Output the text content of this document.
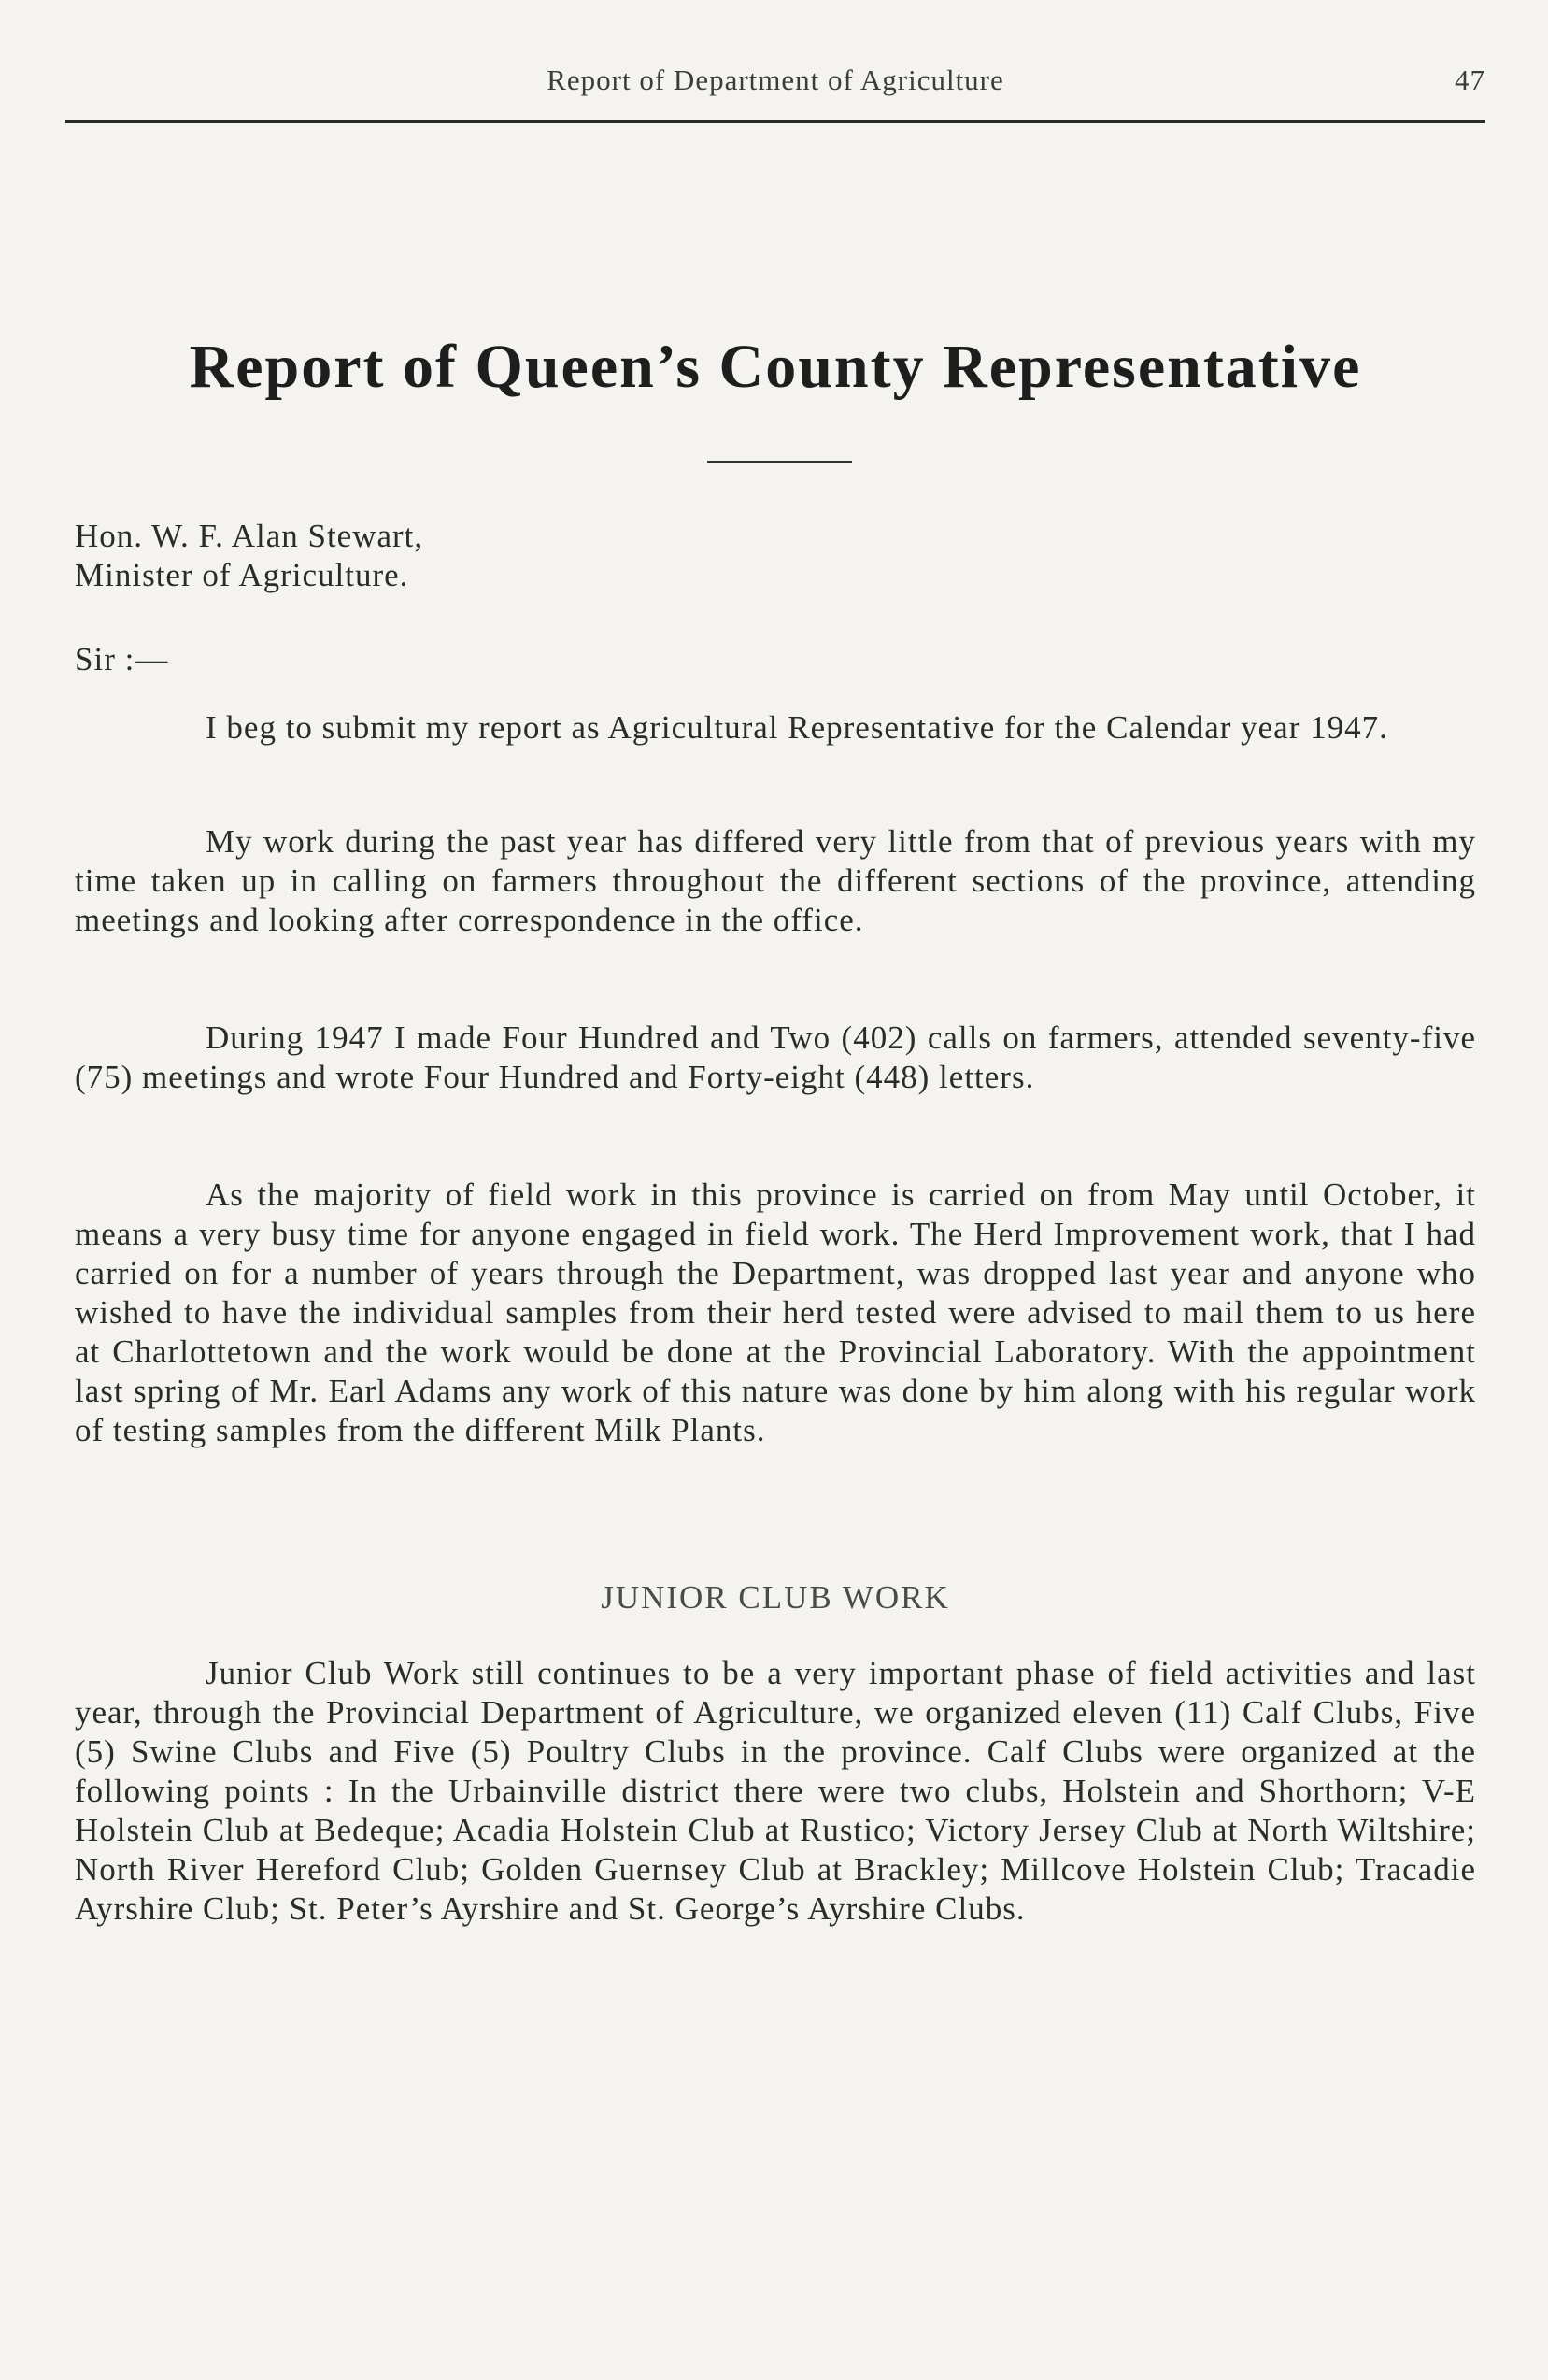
Report of Department of Agriculture	47
Report of Queen’s County Representative
Hon. W. F. Alan Stewart,
Minister of Agriculture.
Sir :—

I beg to submit my report as Agricultural Representative for the Calendar year 1947.

My work during the past year has differed very little from that of previous years with my time taken up in calling on farmers throughout the different sections of the province, attending meetings and looking after correspondence in the office.

During 1947 I made Four Hundred and Two (402) calls on farmers, attended seventy-five (75) meetings and wrote Four Hundred and Forty-eight (448) letters.

As the majority of field work in this province is carried on from May until October, it means a very busy time for anyone engaged in field work. The Herd Improvement work, that I had carried on for a number of years through the Department, was dropped last year and anyone who wished to have the individual samples from their herd tested were advised to mail them to us here at Charlottetown and the work would be done at the Provincial Laboratory. With the appointment last spring of Mr. Earl Adams any work of this nature was done by him along with his regular work of testing samples from the different Milk Plants.

JUNIOR CLUB WORK

Junior Club Work still continues to be a very important phase of field activities and last year, through the Provincial Department of Agriculture, we organized eleven (11) Calf Clubs, Five (5) Swine Clubs and Five (5) Poultry Clubs in the province. Calf Clubs were organized at the following points : In the Urbainville district there were two clubs, Holstein and Shorthorn; V-E Holstein Club at Bedeque; Acadia Holstein Club at Rustico; Victory Jersey Club at North Wiltshire; North River Hereford Club; Golden Guernsey Club at Brackley; Millcove Holstein Club; Tracadie Ayrshire Club; St. Peter’s Ayrshire and St. George’s Ayrshire Clubs.
